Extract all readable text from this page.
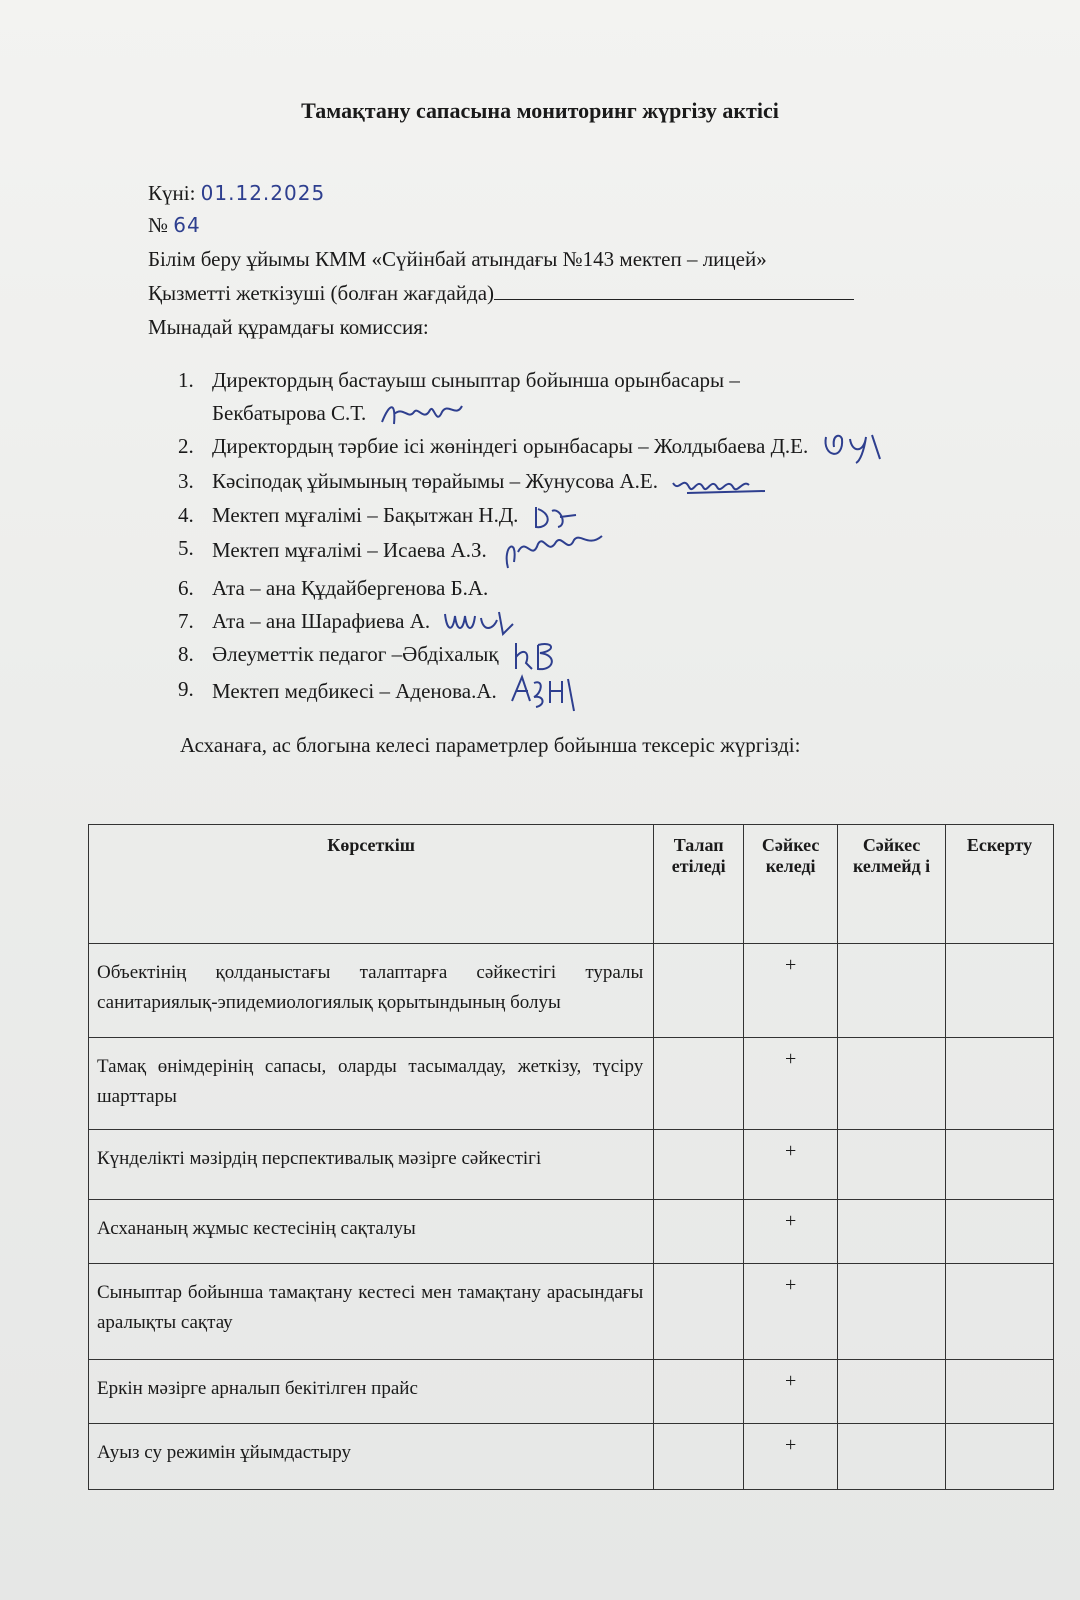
Тамақтану сапасына мониторинг жүргізу актісі
Күні: 01.12.2025
№ 64
Білім беру ұйымы КММ «Сүйінбай атындағы №143 мектеп – лицей»
Қызметті жеткізуші (болған жағдайда)
Мынадай құрамдағы комиссия:
1. Директордың бастауыш сыныптар бойынша орынбасары –
Бекбатырова С.Т.
2. Директордың тәрбие ісі жөніндегі орынбасары – Жолдыбаева Д.Е.
3. Кәсіподақ ұйымының төрайымы – Жунусова А.Е.
4. Мектеп мұғалімі – Бақытжан Н.Д.
5. Мектеп мұғалімі – Исаева А.З.
6. Ата – ана Құдайбергенова Б.А.
7. Ата – ана Шарафиева А.
8. Әлеуметтік педагог –Әбдіхалық
9. Мектеп медбикесі – Аденова.А.
Асханаға, ас блогына келесі параметрлер бойынша тексеріс жүргізді:
Көрсеткіш	Талап етіледі	Сәйкес келеді	Сәйкес келмейд і	Ескерту
Объектінің қолданыстағы талаптарға сәйкестігі туралы санитариялық-эпидемиологиялық қорытындының болуы		+		
Тамақ өнімдерінің сапасы, оларды тасымалдау, жеткізу, түсіру шарттары		+		
Күнделікті мәзірдің перспективалық мәзірге сәйкестігі		+		
Асхананың жұмыс кестесінің сақталуы		+		
Сыныптар бойынша тамақтану кестесі мен тамақтану арасындағы аралықты сақтау		+		
Еркін мәзірге арналып бекітілген прайс		+		
Ауыз су режимін ұйымдастыру		+		
